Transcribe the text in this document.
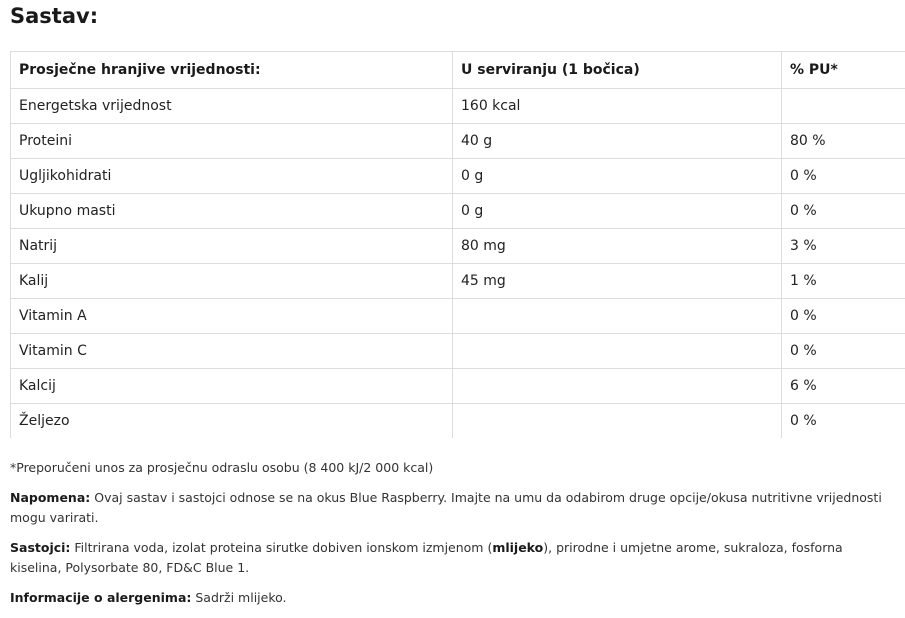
Sastav:
Prosječne hranjive vrijednosti:	U serviranju (1 bočica)	% PU*
Energetska vrijednost	160 kcal	
Proteini	40 g	80 %
Ugljikohidrati	0 g	0 %
Ukupno masti	0 g	0 %
Natrij	80 mg	3 %
Kalij	45 mg	1 %
Vitamin A		0 %
Vitamin C		0 %
Kalcij		6 %
Željezo		0 %

*Preporučeni unos za prosječnu odraslu osobu (8 400 kJ/2 000 kcal)

Napomena: Ovaj sastav i sastojci odnose se na okus Blue Raspberry. Imajte na umu da odabirom druge opcije/okusa nutritivne vrijednosti mogu varirati.

Sastojci: Filtrirana voda, izolat proteina sirutke dobiven ionskom izmjenom (mlijeko), prirodne i umjetne arome, sukraloza, fosforna kiselina, Polysorbate 80, FD&C Blue 1.

Informacije o alergenima: Sadrži mlijeko.
